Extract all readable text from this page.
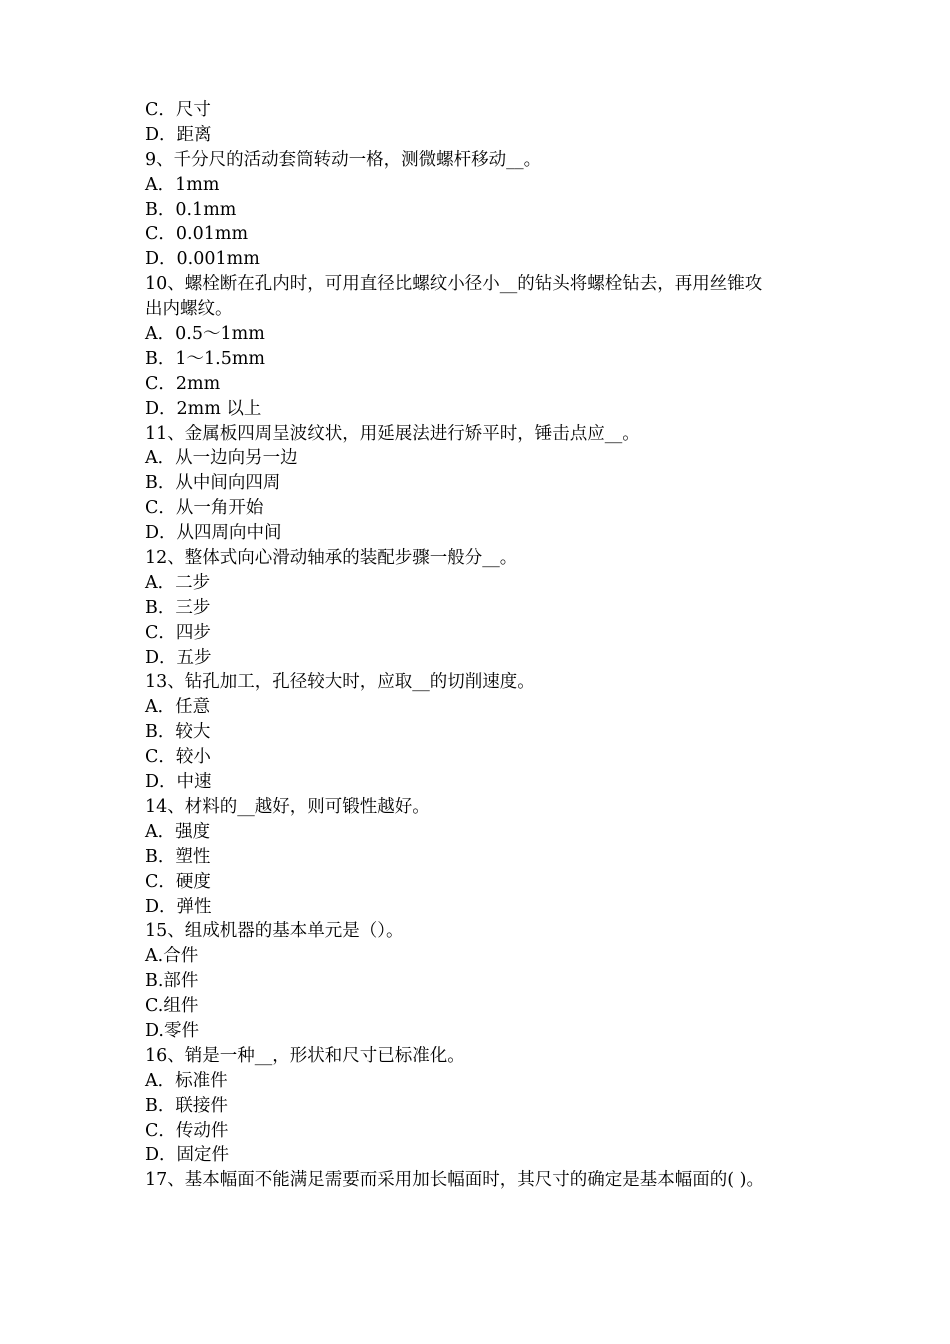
C．尺寸
D．距离
9、千分尺的活动套筒转动一格，测微螺杆移动__。
A．1mm
B．0.1mm
C．0.01mm
D．0.001mm
10、螺栓断在孔内时，可用直径比螺纹小径小__的钻头将螺栓钻去，再用丝锥攻
出内螺纹。
A．0.5～1mm
B．1～1.5mm
C．2mm
D．2mm 以上
11、金属板四周呈波纹状，用延展法进行矫平时，锤击点应__。
A．从一边向另一边
B．从中间向四周
C．从一角开始
D．从四周向中间
12、整体式向心滑动轴承的装配步骤一般分__。
A．二步
B．三步
C．四步
D．五步
13、钻孔加工，孔径较大时，应取__的切削速度。
A．任意
B．较大
C．较小
D．中速
14、材料的__越好，则可锻性越好。
A．强度
B．塑性
C．硬度
D．弹性
15、组成机器的基本单元是（）。
A.合件
B.部件
C.组件
D.零件
16、销是一种__，形状和尺寸已标准化。
A．标准件
B．联接件
C．传动件
D．固定件
17、基本幅面不能满足需要而采用加长幅面时，其尺寸的确定是基本幅面的( )。
